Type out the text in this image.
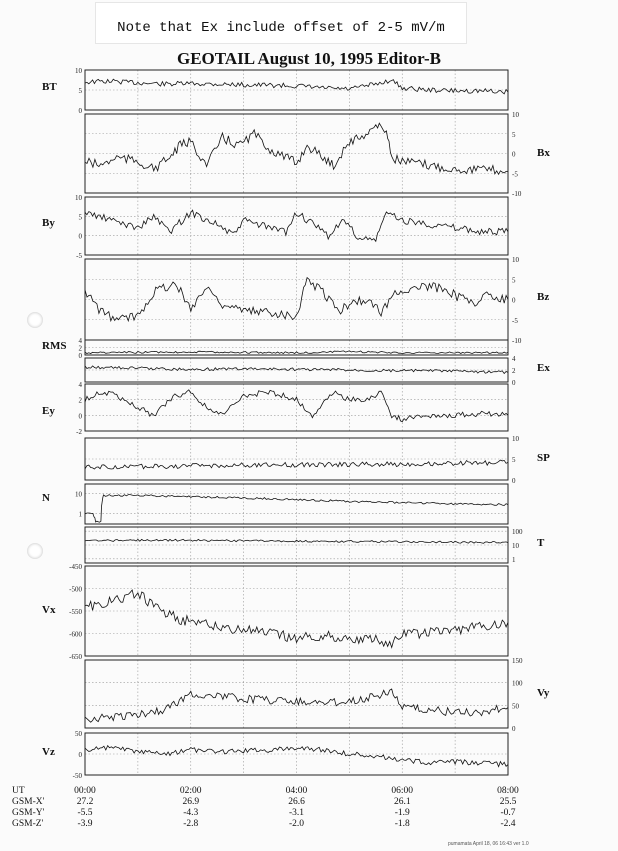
Note that Ex include offset of 2-5 mV/m
GEOTAIL August 10, 1995 Editor-B
10
5
0
BT
10
5
0
-5
-10
Bx
10
5
0
-5
By
10
5
0
-5
-10
Bz
4
2
0
RMS
4
2
0
Ex
4
2
0
-2
Ey
10
5
0
SP
10
1
N
100
10
1
T
-450
-500
-550
-600
-650
Vx
150
100
50
0
Vy
50
0
-50
Vz
UT	00:00	02:00	04:00	06:00	08:00
GSM-X'	27.2	26.9	26.6	26.1	25.5
GSM-Y'	-5.5	-4.3	-3.1	-1.9	-0.7
GSM-Z'	-3.9	-2.8	-2.0	-1.8	-2.4
pumamata April 18, 06 16:43 ver 1.0
